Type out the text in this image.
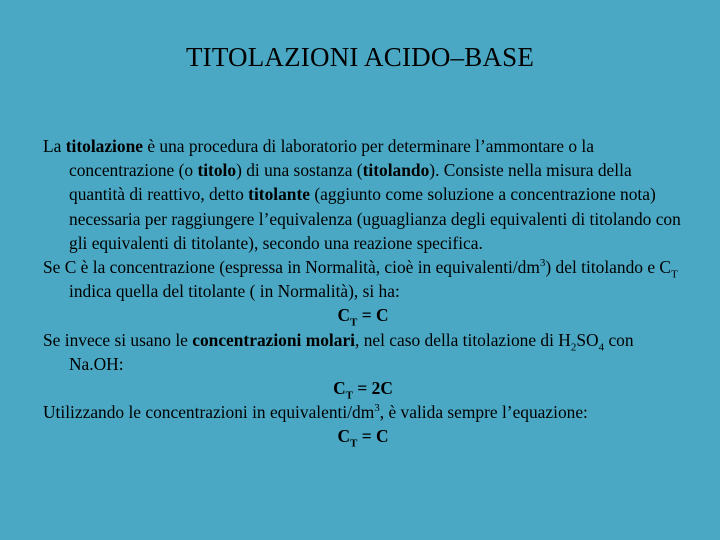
TITOLAZIONI ACIDO–BASE

La titolazione è una procedura di laboratorio per determinare l’ammontare o la concentrazione (o titolo) di una sostanza (titolando). Consiste nella misura della quantità di reattivo, detto titolante (aggiunto come soluzione a concentrazione nota) necessaria per raggiungere l’equivalenza (uguaglianza degli equivalenti di titolando con gli equivalenti di titolante), secondo una reazione specifica.

Se C è la concentrazione (espressa in Normalità, cioè in equivalenti/$dm^3$) del titolando e $C_T$ indica quella del titolante ( in Normalità), si ha:

$C_T = C$

Se invece si usano le concentrazioni molari, nel caso della titolazione di $H_2SO_4$ con Na.OH:

$C_T = 2C$

Utilizzando le concentrazioni in equivalenti/$dm^3$, è valida sempre l’equazione:

$C_T = C$
